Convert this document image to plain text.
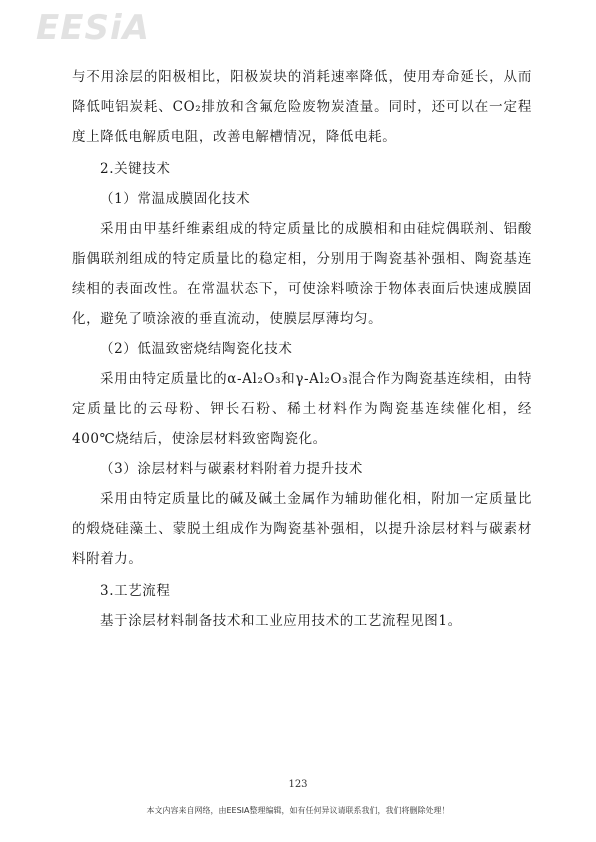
EESiA

与不用涂层的阳极相比，阳极炭块的消耗速率降低，使用寿命延长，从而降低吨铝炭耗、CO₂排放和含氟危险废物炭渣量。同时，还可以在一定程度上降低电解质电阻，改善电解槽情况，降低电耗。

2.关键技术

（1）常温成膜固化技术

采用由甲基纤维素组成的特定质量比的成膜相和由硅烷偶联剂、铝酸脂偶联剂组成的特定质量比的稳定相，分别用于陶瓷基补强相、陶瓷基连续相的表面改性。在常温状态下，可使涂料喷涂于物体表面后快速成膜固化，避免了喷涂液的垂直流动，使膜层厚薄均匀。

（2）低温致密烧结陶瓷化技术

采用由特定质量比的α-Al₂O₃和γ-Al₂O₃混合作为陶瓷基连续相，由特定质量比的云母粉、钾长石粉、稀土材料作为陶瓷基连续催化相，经400℃烧结后，使涂层材料致密陶瓷化。

（3）涂层材料与碳素材料附着力提升技术

采用由特定质量比的碱及碱土金属作为辅助催化相，附加一定质量比的煅烧硅藻土、蒙脱土组成作为陶瓷基补强相，以提升涂层材料与碳素材料附着力。

3.工艺流程

基于涂层材料制备技术和工业应用技术的工艺流程见图1。

123
本文内容来自网络，由EESIA整理编辑，如有任何异议请联系我们，我们将删除处理！
